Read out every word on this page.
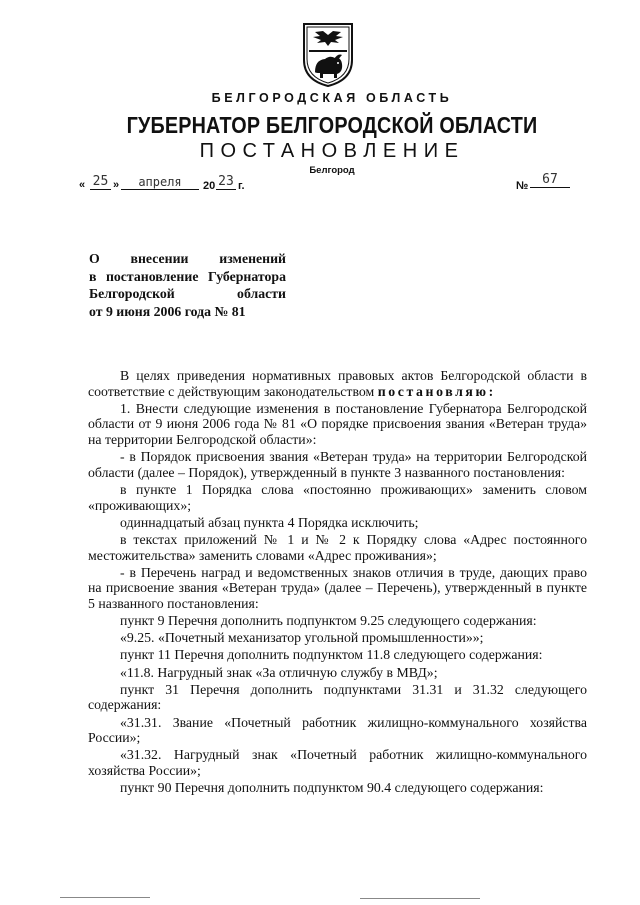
БЕЛГОРОДСКАЯ ОБЛАСТЬ
ГУБЕРНАТОР БЕЛГОРОДСКОЙ ОБЛАСТИ
ПОСТАНОВЛЕНИЕ
Белгород
« 25 »	апреля	20 23 г.	№	67
О внесении изменений
в постановление Губернатора
Белгородской области
от 9 июня 2006 года № 81

В целях приведения нормативных правовых актов Белгородской области в соответствие с действующим законодательством постановляю:

1. Внести следующие изменения в постановление Губернатора Белгородской области от 9 июня 2006 года № 81 «О порядке присвоения звания «Ветеран труда» на территории Белгородской области»:

- в Порядок присвоения звания «Ветеран труда» на территории Белгородской области (далее – Порядок), утвержденный в пункте 3 названного постановления:

в пункте 1 Порядка слова «постоянно проживающих» заменить словом «проживающих»;

одиннадцатый абзац пункта 4 Порядка исключить;

в текстах приложений № 1 и № 2 к Порядку слова «Адрес постоянного местожительства» заменить словами «Адрес проживания»;

- в Перечень наград и ведомственных знаков отличия в труде, дающих право на присвоение звания «Ветеран труда» (далее – Перечень), утвержденный в пункте 5 названного постановления:

пункт 9 Перечня дополнить подпунктом 9.25 следующего содержания:

«9.25. «Почетный механизатор угольной промышленности»»;

пункт 11 Перечня дополнить подпунктом 11.8 следующего содержания:

«11.8. Нагрудный знак «За отличную службу в МВД»;

пункт 31 Перечня дополнить подпунктами 31.31 и 31.32 следующего содержания:

«31.31. Звание «Почетный работник жилищно-коммунального хозяйства России»;

«31.32. Нагрудный знак «Почетный работник жилищно-коммунального хозяйства России»;

пункт 90 Перечня дополнить подпунктом 90.4 следующего содержания:
